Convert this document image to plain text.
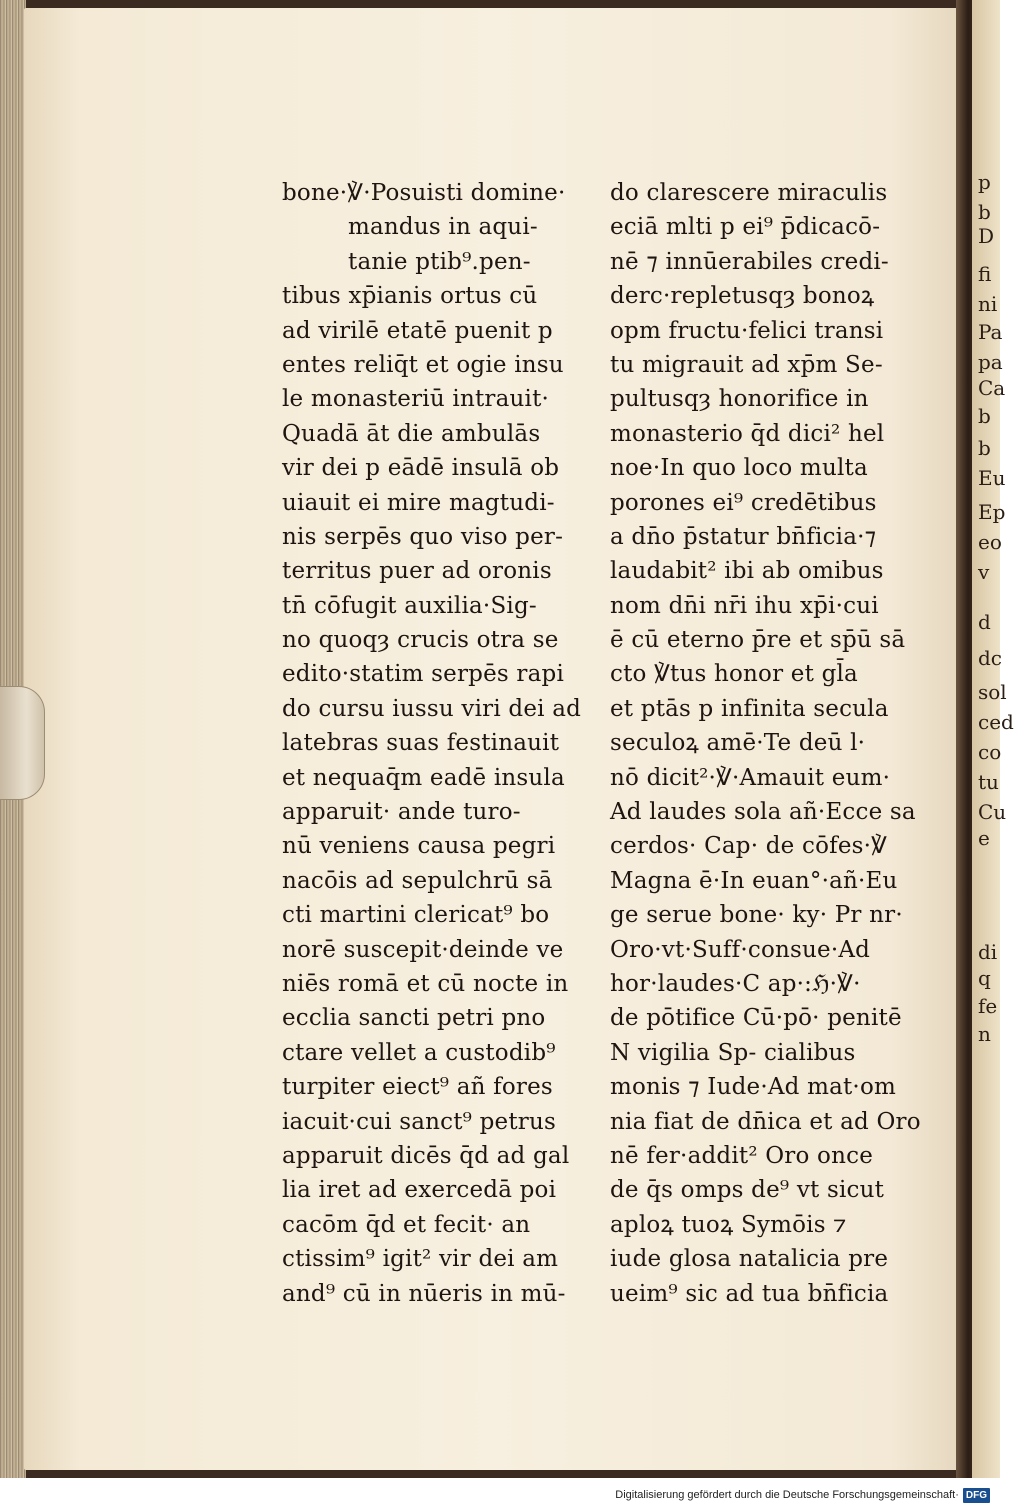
p
b
D
fi
ni
Pa
pa
Ca
b
b
Eu
Ep
eo
v
d
dc
sol
ced
co
tu
Cu
e
di
q
fe
n
bone·℣·Posuisti domine·
mandus in aqui‑
tanie ptib⁹.pen‑
tibus xp̄ianis ortus cū
ad virilē etatē puenit p
entes reliq̄t et ogie insu
le monasteriū intrauit·
Quadā āt die ambulās
vir dei p eādē insulā ob
uiauit ei mire magtudi‑
nis serpēs quo viso per‑
territus puer ad oronis
tn̄ cōfugit auxilia·Sig‑
no quoqȝ crucis otra se
edito·statim serpēs rapi
do cursu iussu viri dei ad
latebras suas festinauit
et nequaq̄m eadē insula
apparuit· ande turo‑
nū veniens causa pegri
nacōis ad sepulchrū sā
cti martini clericat⁹ bo
norē suscepit·deinde ve
niēs romā et cū nocte in
ecclia sancti petri pno
ctare vellet a custodib⁹
turpiter eiect⁹ añ fores
iacuit·cui sanct⁹ petrus
apparuit dicēs q̄d ad gal
lia iret ad exercedā poi
cacōm q̄d et fecit· an
ctissim⁹ igit² vir dei am
and⁹ cū in nūeris in mū‑
do clarescere miraculis
eciā mlti p ei⁹ p̄dicacō‑
nē ⁊ innūerabiles credi‑
derc·repletusqȝ bonoꝝ
opm fructu·felici transi
tu migrauit ad xp̄m Se‑
pultusqȝ honorifice in
monasterio q̄d dici² hel
noe·In quo loco multa
porones ei⁹ credētibus
a dn̄o p̄statur bn̄ficia·⁊
laudabit² ibi ab omibus
nom dn̄i nr̄i ihu xp̄i·cui
ē cū eterno p̄re et sp̄ū sā
cto ℣tus honor et gl̄a
et ptās p infinita secula
seculoꝝ amē·Te deū l·
nō dicit²·℣·Amauit eum·
Ad laudes sola añ·Ecce sa
cerdos· Cap· de cōfes·℣
Magna ē·In euan°·añ·Eu
ge serue bone· ky· Pr nr·
Oro·vt·Suff·consue·Ad
hor·laudes·C ap·:ℌ·℣·
de pōtifice Cū·pō· penitē
N vigilia Sp‑ cialibus
monis ⁊ Iude·Ad mat·om
nia fiat de dn̄ica et ad Oro
nē fer·addit² Oro once
de q̄s omps de⁹ vt sicut
aploꝝ tuoꝝ Symōis ⁊
iude glosa natalicia pre
ueim⁹ sic ad tua bn̄ficia
Digitalisierung gefördert durch die Deutsche Forschungsgemeinschaft· DFG
